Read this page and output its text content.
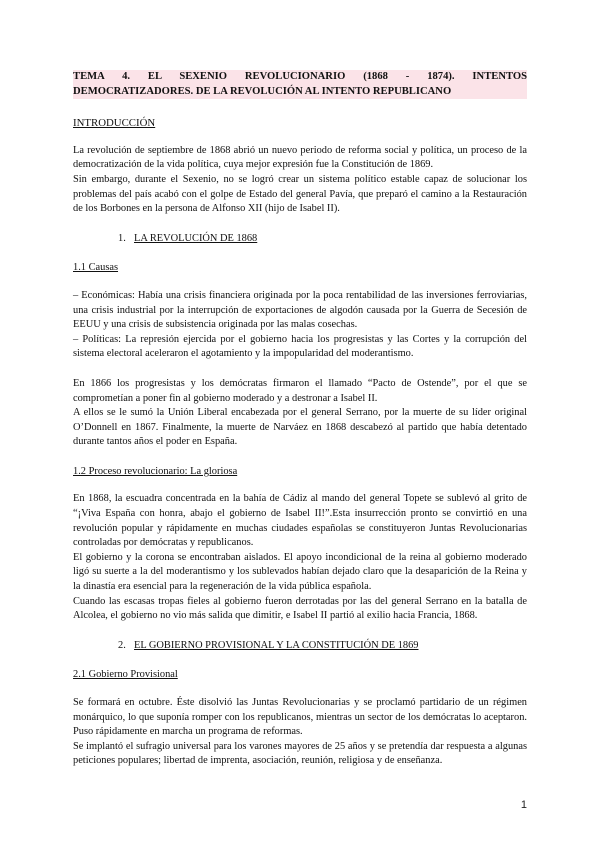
TEMA 4. EL SEXENIO REVOLUCIONARIO (1868 - 1874). INTENTOS DEMOCRATIZADORES. DE LA REVOLUCIÓN AL INTENTO REPUBLICANO
INTRODUCCIÓN

La revolución de septiembre de 1868 abrió un nuevo periodo de reforma social y política, un proceso de la democratización de la vida política, cuya mejor expresión fue la Constitución de 1869.

Sin embargo, durante el Sexenio, no se logró crear un sistema político estable capaz de solucionar los problemas del país acabó con el golpe de Estado del general Pavía, que preparó el camino a la Restauración de los Borbones en la persona de Alfonso XII (hijo de Isabel II).

1. LA REVOLUCIÓN DE 1868
1.1 Causas

– Económicas: Había una crisis financiera originada por la poca rentabilidad de las inversiones ferroviarias, una crisis industrial por la interrupción de exportaciones de algodón causada por la Guerra de Secesión de EEUU y una crisis de subsistencia originada por las malas cosechas.

– Políticas: La represión ejercida por el gobierno hacia los progresistas y las Cortes y la corrupción del sistema electoral aceleraron el agotamiento y la impopularidad del moderantismo.

En 1866 los progresistas y los demócratas firmaron el llamado “Pacto de Ostende”, por el que se comprometían a poner fin al gobierno moderado y a destronar a Isabel II.

A ellos se le sumó la Unión Liberal encabezada por el general Serrano, por la muerte de su líder original O’Donnell en 1867. Finalmente, la muerte de Narváez en 1868 descabezó al partido que había detentado durante tantos años el poder en España.

1.2 Proceso revolucionario: La gloriosa

En 1868, la escuadra concentrada en la bahía de Cádiz al mando del general Topete se sublevó al grito de “¡Viva España con honra, abajo el gobierno de Isabel II!”.Esta insurrección pronto se convirtió en una revolución popular y rápidamente en muchas ciudades españolas se constituyeron Juntas Revolucionarias controladas por demócratas y republicanos.

El gobierno y la corona se encontraban aislados. El apoyo incondicional de la reina al gobierno moderado ligó su suerte a la del moderantismo y los sublevados habían dejado claro que la desaparición de la Reina y la dinastía era esencial para la regeneración de la vida pública española.

Cuando las escasas tropas fieles al gobierno fueron derrotadas por las del general Serrano en la batalla de Alcolea, el gobierno no vio más salida que dimitir, e Isabel II partió al exilio hacia Francia, 1868.

2. EL GOBIERNO PROVISIONAL Y LA CONSTITUCIÓN DE 1869
2.1 Gobierno Provisional

Se formará en octubre. Éste disolvió las Juntas Revolucionarias y se proclamó partidario de un régimen monárquico, lo que suponía romper con los republicanos, mientras un sector de los demócratas lo aceptaron. Puso rápidamente en marcha un programa de reformas.

Se implantó el sufragio universal para los varones mayores de 25 años y se pretendía dar respuesta a algunas peticiones populares; libertad de imprenta, asociación, reunión, religiosa y de enseñanza.

1
